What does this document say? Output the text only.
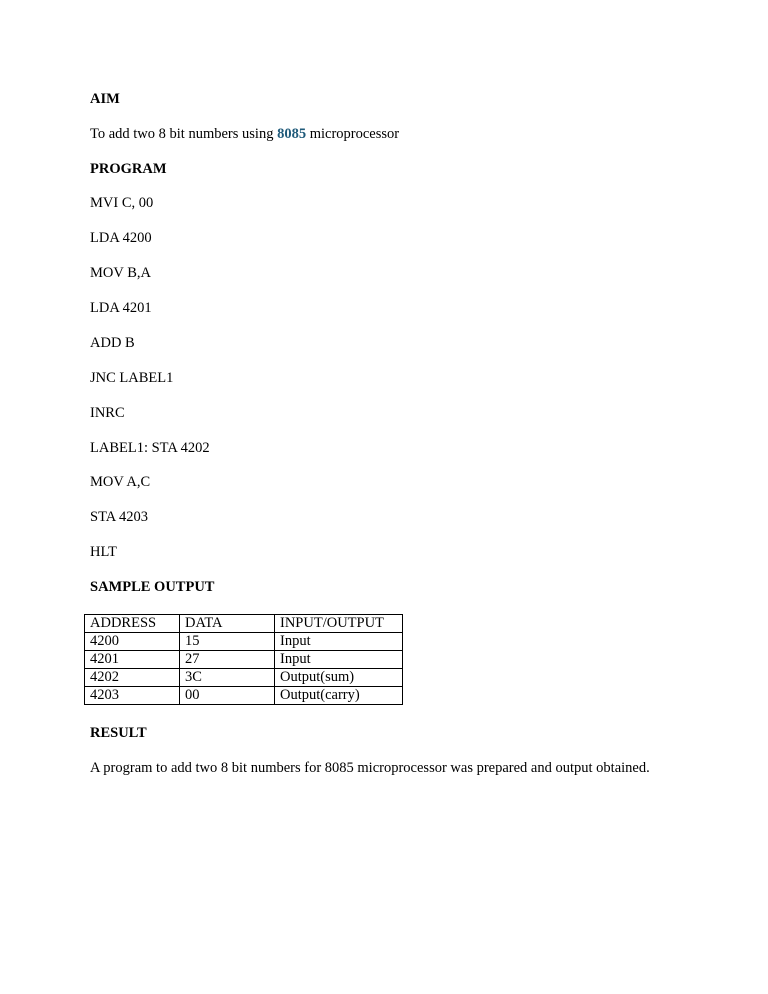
AIM
To add two 8 bit numbers using 8085 microprocessor
PROGRAM
MVI C, 00
LDA 4200
MOV B,A
LDA 4201
ADD B
JNC LABEL1
INRC
LABEL1: STA 4202
MOV A,C
STA 4203
HLT
SAMPLE OUTPUT
ADDRESS	DATA	INPUT/OUTPUT
4200	15	Input
4201	27	Input
4202	3C	Output(sum)
4203	00	Output(carry)
RESULT
A program to add two 8 bit numbers for 8085 microprocessor was prepared and output obtained.
